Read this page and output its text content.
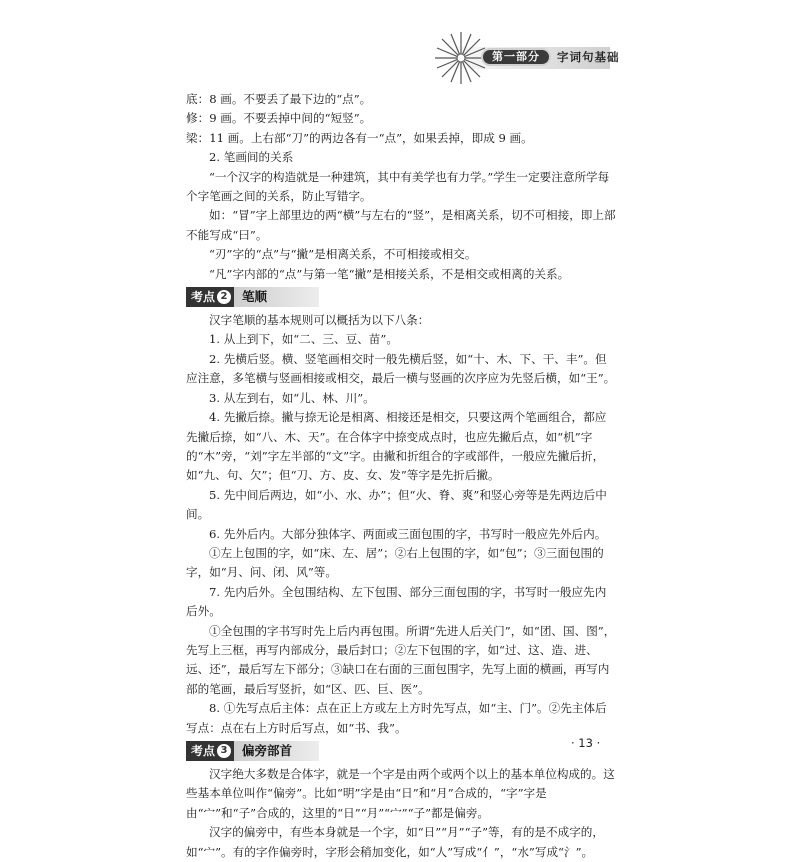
第一部分	字词句基础

底：8 画。不要丢了最下边的“点”。

修：9 画。不要丢掉中间的“短竖”。

梁：11 画。上右部“刀”的两边各有一“点”，如果丢掉，即成 9 画。

2. 笔画间的关系

“一个汉字的构造就是一种建筑，其中有美学也有力学。”学生一定要注意所学每个字笔画之间的关系，防止写错字。

如：“冒”字上部里边的两“横”与左右的“竖”，是相离关系，切不可相接，即上部不能写成“曰”。

“刃”字的“点”与“撇”是相离关系，不可相接或相交。

“凡”字内部的“点”与第一笔“撇”是相接关系，不是相交或相离的关系。

考点 2 笔顺

汉字笔顺的基本规则可以概括为以下八条：

1. 从上到下，如“二、三、豆、苗”。

2. 先横后竖。横、竖笔画相交时一般先横后竖，如“十、木、下、干、丰”。但应注意，多笔横与竖画相接或相交，最后一横与竖画的次序应为先竖后横，如“王”。

3. 从左到右，如“儿、林、川”。

4. 先撇后捺。撇与捺无论是相离、相接还是相交，只要这两个笔画组合，都应先撇后捺，如“八、木、天”。在合体字中捺变成点时，也应先撇后点，如“机”字的“木”旁，“刘”字左半部的“文”字。由撇和折组合的字或部件，一般应先撇后折，如“九、句、欠”；但“刀、方、皮、女、发”等字是先折后撇。

5. 先中间后两边，如“小、水、办”；但“火、脊、爽”和竖心旁等是先两边后中间。

6. 先外后内。大部分独体字、两面或三面包围的字，书写时一般应先外后内。

①左上包围的字，如“床、左、居”；②右上包围的字，如“包”；③三面包围的字，如“月、问、闭、风”等。

7. 先内后外。全包围结构、左下包围、部分三面包围的字，书写时一般应先内后外。

①全包围的字书写时先上后内再包围。所谓“先进人后关门”，如“团、国、图”，先写上三框，再写内部成分，最后封口；②左下包围的字，如“过、这、造、进、远、还”，最后写左下部分；③缺口在右面的三面包围字，先写上面的横画，再写内部的笔画，最后写竖折，如“区、匹、巨、医”。

8. ①先写点后主体：点在正上方或左上方时先写点，如“主、门”。②先主体后写点：点在右上方时后写点，如“书、我”。

考点 3 偏旁部首

汉字绝大多数是合体字，就是一个字是由两个或两个以上的基本单位构成的。这些基本单位叫作“偏旁”。比如“明”字是由“日”和“月”合成的，“字”字是由“宀”和“子”合成的，这里的“日”“月”“宀”“子”都是偏旁。

汉字的偏旁中，有些本身就是一个字，如“日”“月”“子”等，有的是不成字的，如“宀”。有的字作偏旁时，字形会稍加变化，如“人”写成“亻”，“水”写成“氵”。

· 13 ·
